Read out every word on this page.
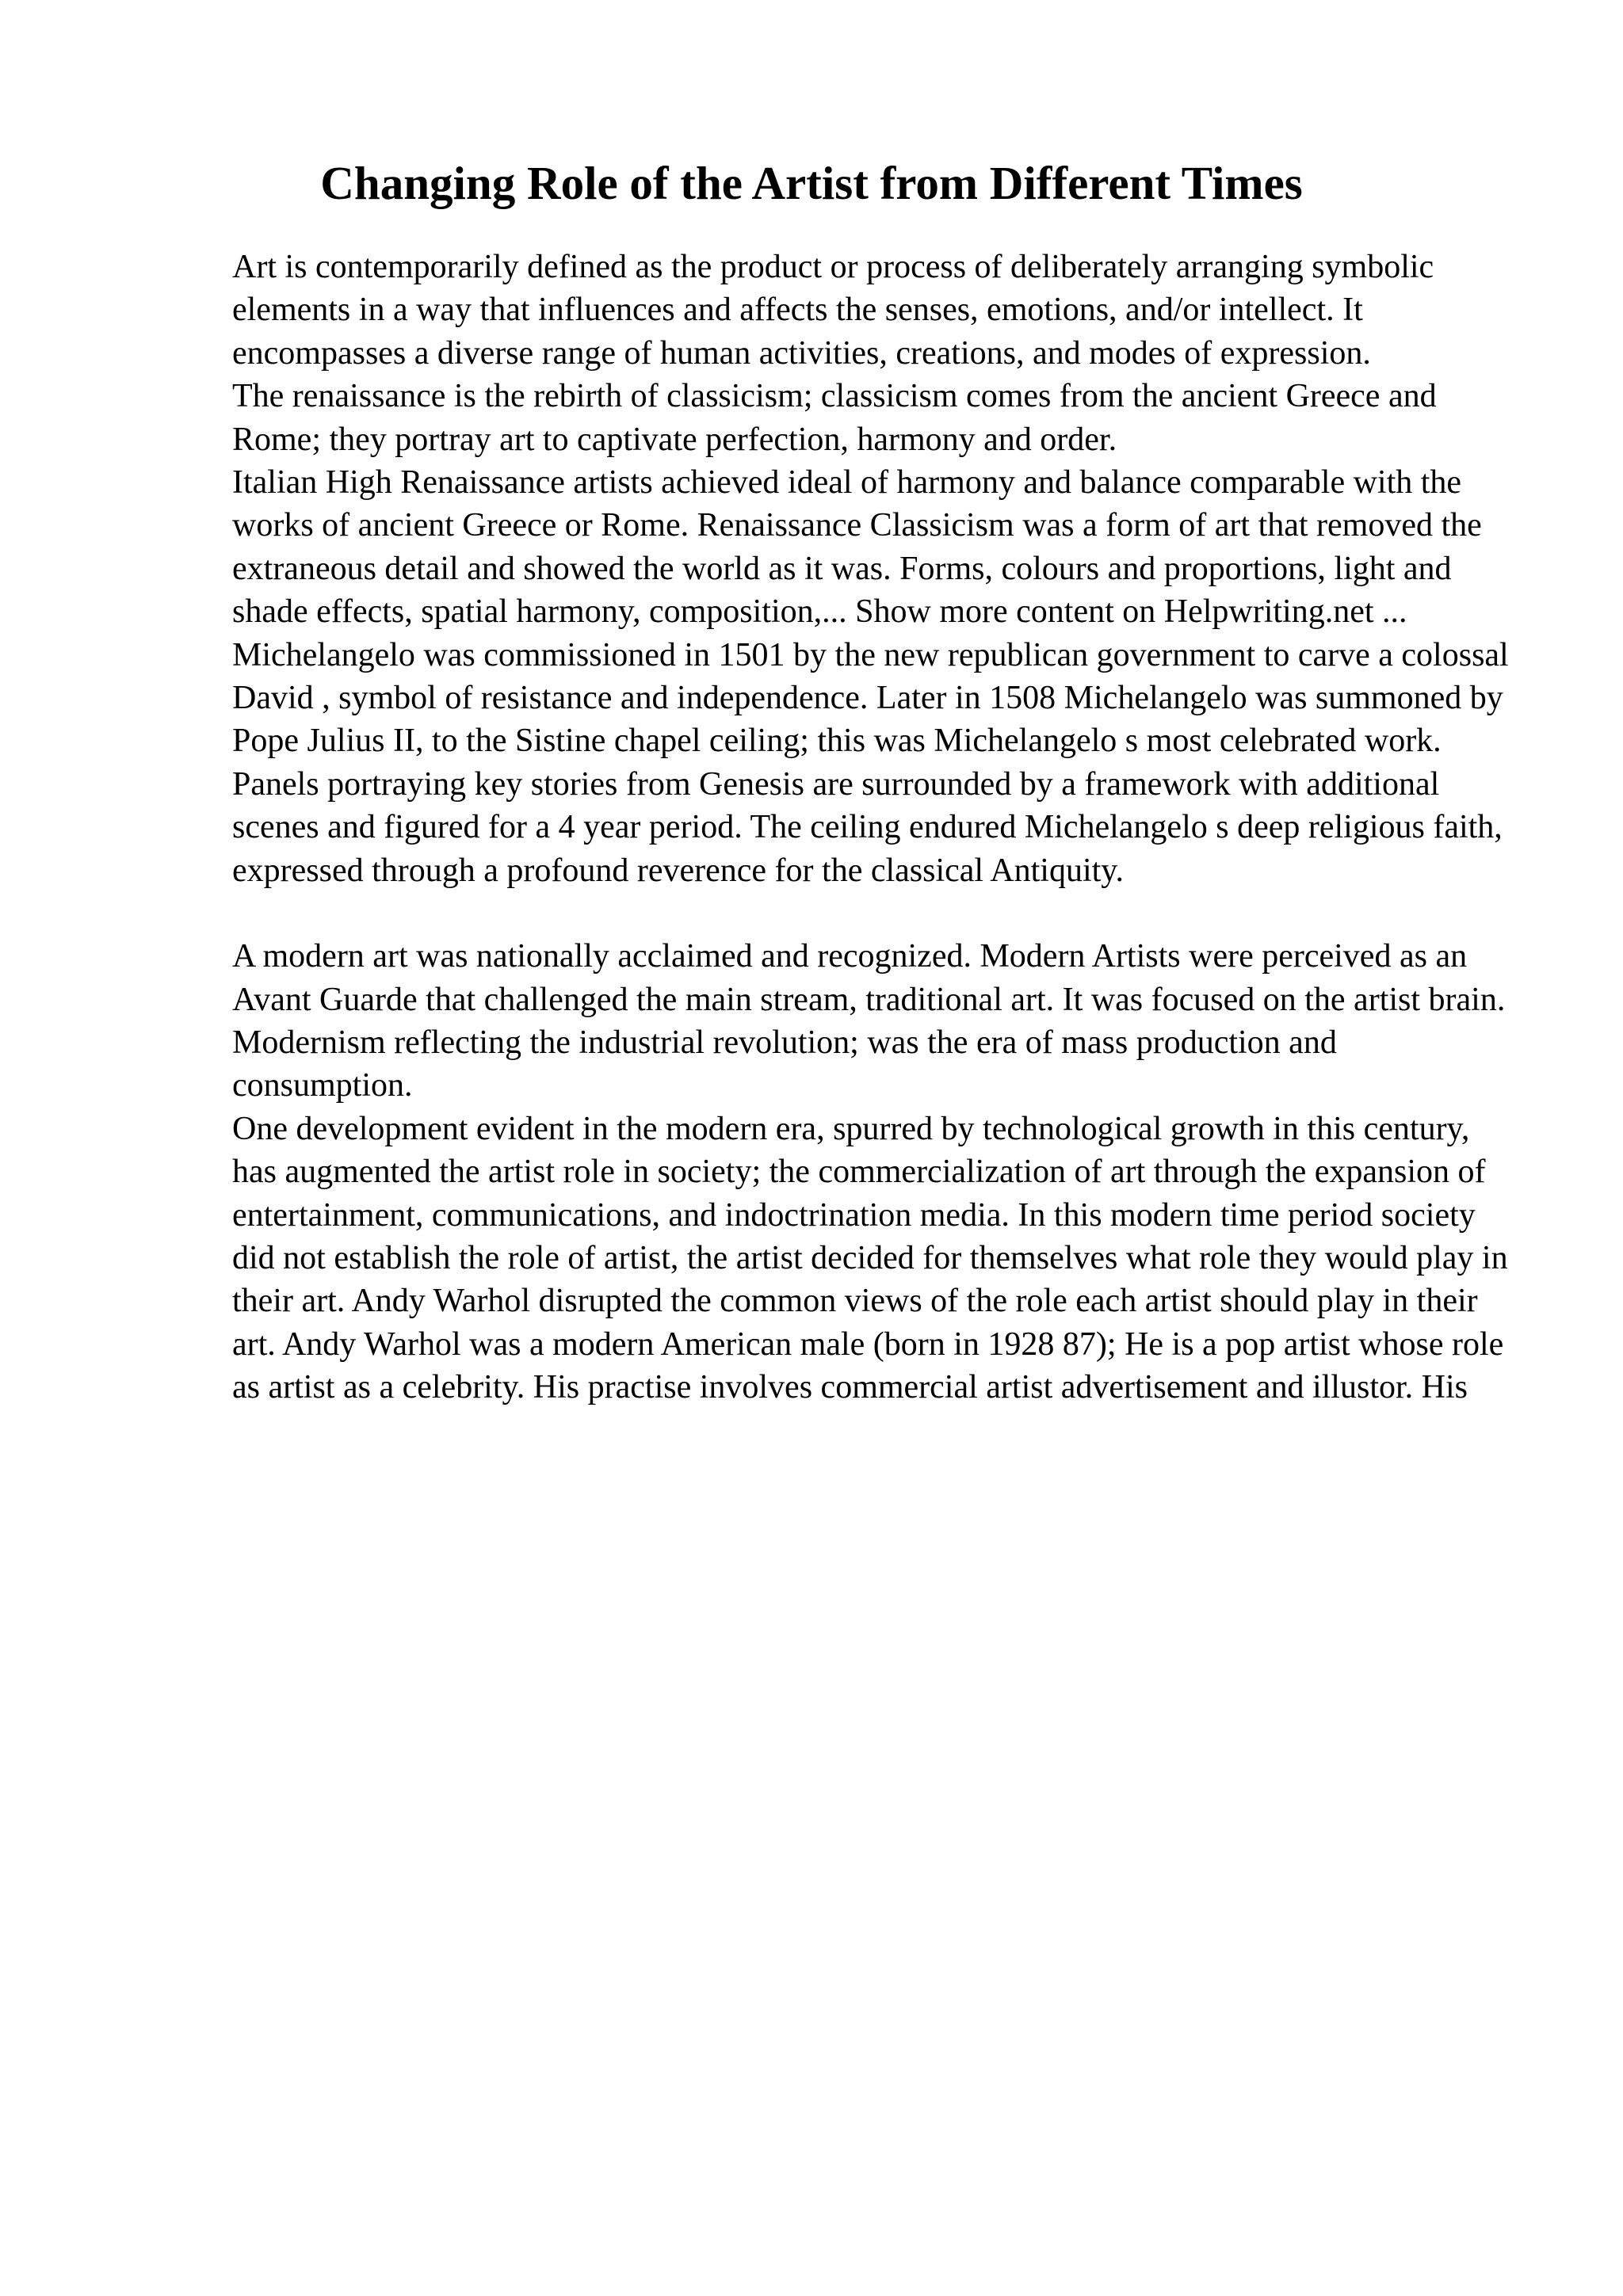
Changing Role of the Artist from Different Times

Art is contemporarily defined as the product or process of deliberately arranging symbolic elements in a way that influences and affects the senses, emotions, and/or intellect. It encompasses a diverse range of human activities, creations, and modes of expression.

The renaissance is the rebirth of classicism; classicism comes from the ancient Greece and Rome; they portray art to captivate perfection, harmony and order.

Italian High Renaissance artists achieved ideal of harmony and balance comparable with the works of ancient Greece or Rome. Renaissance Classicism was a form of art that removed the extraneous detail and showed the world as it was. Forms, colours and proportions, light and shade effects, spatial harmony, composition,... Show more content on Helpwriting.net ...

Michelangelo was commissioned in 1501 by the new republican government to carve a colossal David , symbol of resistance and independence. Later in 1508 Michelangelo was summoned by Pope Julius II, to the Sistine chapel ceiling; this was Michelangelo s most celebrated work. Panels portraying key stories from Genesis are surrounded by a framework with additional scenes and figured for a 4 year period. The ceiling endured Michelangelo s deep religious faith, expressed through a profound reverence for the classical Antiquity.

A modern art was nationally acclaimed and recognized. Modern Artists were perceived as an Avant Guarde that challenged the main stream, traditional art. It was focused on the artist brain. Modernism reflecting the industrial revolution; was the era of mass production and consumption.

One development evident in the modern era, spurred by technological growth in this century, has augmented the artist role in society; the commercialization of art through the expansion of entertainment, communications, and indoctrination media. In this modern time period society did not establish the role of artist, the artist decided for themselves what role they would play in their art. Andy Warhol disrupted the common views of the role each artist should play in their art. Andy Warhol was a modern American male (born in 1928 87); He is a pop artist whose role as artist as a celebrity. His practise involves commercial artist advertisement and illustor. His
